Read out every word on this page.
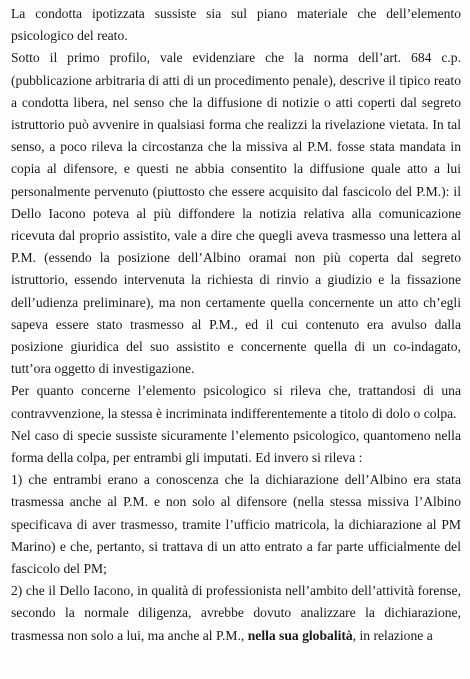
La condotta ipotizzata sussiste sia sul piano materiale che dell’elemento psicologico del reato.

Sotto il primo profilo, vale evidenziare che la norma dell’art. 684 c.p. (pubblicazione arbitraria di atti di un procedimento penale), descrive il tipico reato a condotta libera, nel senso che la diffusione di notizie o atti coperti dal segreto istruttorio può avvenire in qualsiasi forma che realizzi la rivelazione vietata. In tal senso, a poco rileva la circostanza che la missiva al P.M. fosse stata mandata in copia al difensore, e questi ne abbia consentito la diffusione quale atto a lui personalmente pervenuto (piuttosto che essere acquisito dal fascicolo del P.M.): il Dello Iacono poteva al più diffondere la notizia relativa alla comunicazione ricevuta dal proprio assistito, vale a dire che quegli aveva trasmesso una lettera al P.M. (essendo la posizione dell’Albino oramai non più coperta dal segreto istruttorio, essendo intervenuta la richiesta di rinvio a giudizio e la fissazione dell’udienza preliminare), ma non certamente quella concernente un atto ch’egli sapeva essere stato trasmesso al P.M., ed il cui contenuto era avulso dalla posizione giuridica del suo assistito e concernente quella di un co-indagato, tutt’ora oggetto di investigazione.

Per quanto concerne l’elemento psicologico si rileva che, trattandosi di una contravvenzione, la stessa è incriminata indifferentemente a titolo di dolo o colpa.

Nel caso di specie sussiste sicuramente l’elemento psicologico, quantomeno nella forma della colpa, per entrambi gli imputati. Ed invero si rileva :

1) che entrambi erano a conoscenza che la dichiarazione dell’Albino era stata trasmessa anche al P.M. e non solo al difensore (nella stessa missiva l’Albino specificava di aver trasmesso, tramite l’ufficio matricola, la dichiarazione al PM Marino) e che, pertanto, si trattava di un atto entrato a far parte ufficialmente del fascicolo del PM;

2) che il Dello Iacono, in qualità di professionista nell’ambito dell’attività forense, secondo la normale diligenza, avrebbe dovuto analizzare la dichiarazione, trasmessa non solo a lui, ma anche al P.M., nella sua globalità, in relazione a
